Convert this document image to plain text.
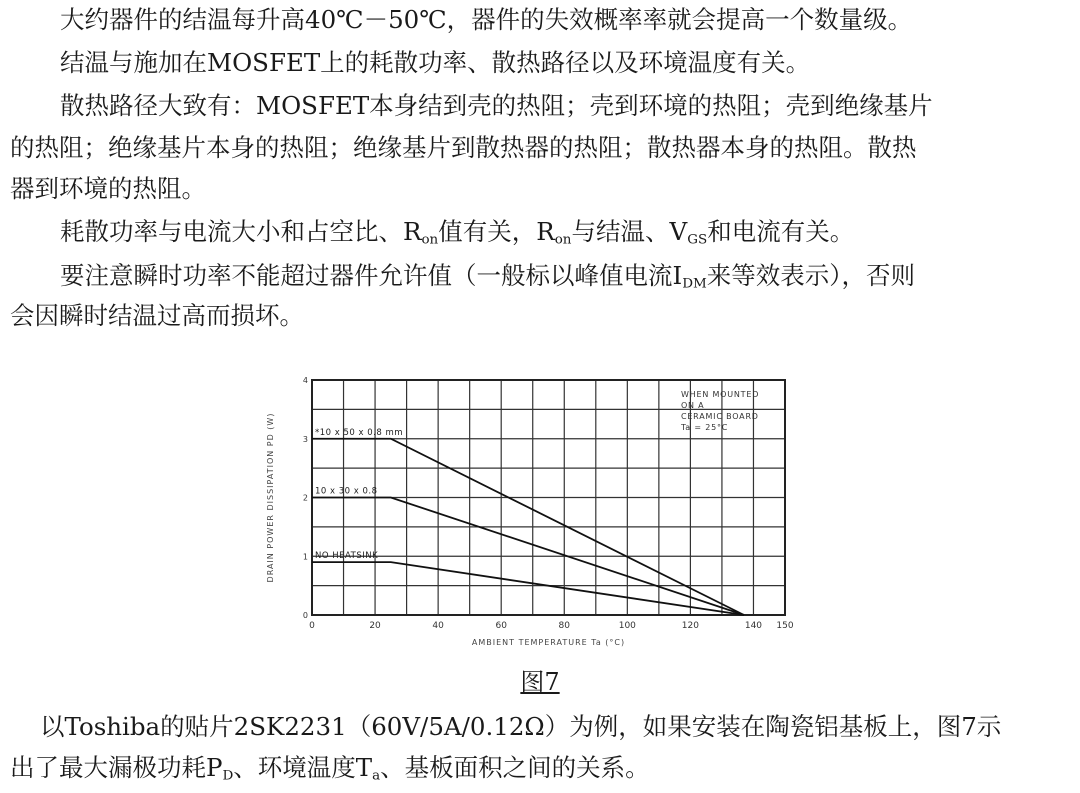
大约器件的结温每升高40℃－50℃，器件的失效概率率就会提高一个数量级。

结温与施加在MOSFET上的耗散功率、散热路径以及环境温度有关。

散热路径大致有：MOSFET本身结到壳的热阻；壳到环境的热阻；壳到绝缘基片

的热阻；绝缘基片本身的热阻；绝缘基片到散热器的热阻；散热器本身的热阻。散热

器到环境的热阻。

耗散功率与电流大小和占空比、$R_{on}$值有关，$R_{on}$与结温、$V_{GS}$和电流有关。

要注意瞬时功率不能超过器件允许值（一般标以峰值电流$I_{DM}$来等效表示），否则

会因瞬时结温过高而损坏。

*10 x 50 x 0.8 mm
10 x 30 x 0.8
NO HEATSINK
0	20	40	60	80	100	120	140 150
0
1
2
3
4
WHEN MOUNTED
ON A
CERAMIC BOARD
Ta = 25°C
AMBIENT TEMPERATURE Ta (°C)
DRAIN POWER DISSIPATION PD (W)
图7

以Toshiba的贴片2SK2231（60V/5A/0.12Ω）为例，如果安装在陶瓷铝基板上，图7示

出了最大漏极功耗$P_D$、环境温度$T_a$、基板面积之间的关系。
